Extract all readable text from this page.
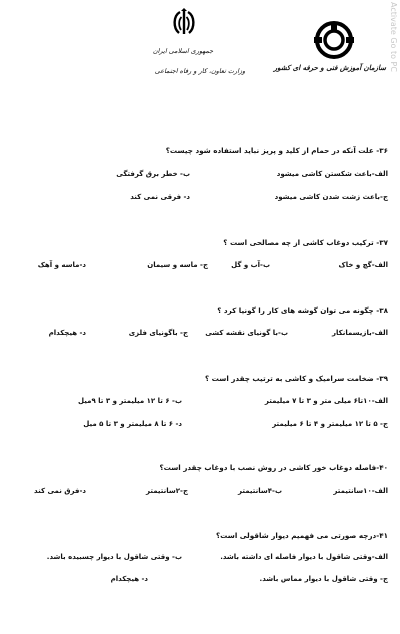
جمهوری اسلامی ایران
وزارت تعاون، کار و رفاه اجتماعی	سازمان آموزش فنی و حرفه ای کشور
Activate Go to PC
۳۶- علت آنکه در حمام از کلید و پریز نباید استفاده شود چیست؟
الف-باعث شکستن کاشی میشود
ب- خطر برق گرفتگی
ج-باعث زشت شدن کاشی میشود
د- فرقی نمی کند
۳۷- ترکیب دوغاب کاشی از چه مصالحی است ؟
الف-گچ و خاک
ب-آب و گل
ج- ماسه و سیمان
د-ماسه و آهک
۳۸- چگونه می توان گوشه های کار را گونیا کرد ؟
الف-بازیسمانکار
ب-با گونیای نقشه کشی
ج- باگونیای فلزی
د- هیچکدام
۳۹- ضخامت سرامیک و کاشی به ترتیب چقدر است ؟
الف-۱۰تا۶ میلی متر و ۳ تا ۷ میلیمتر
ب- ۶ تا ۱۲ میلیمتر و ۳ تا ۹میل
ج- ۵ تا ۱۲ میلیمتر و ۴ تا ۶ میلیمتر
د- ۶ تا ۸ میلیمتر و ۳ تا ۵ میل
۴۰-فاصله دوغاب خور کاشی در روش نصب با دوغاب چقدر است؟
الف-۱۰سانتیمتر
ب-۴سانتیمتر
ج-۲سانتیمتر
د-فرق نمی کند
۴۱-درچه صورتی می فهمیم دیوار شاقولی است؟
الف-وقتی شاقول با دیوار فاصله ای داشته باشد.
ب- وقتی شاقول با دیوار چسبیده باشد.
ج- وقتی شاقول با دیوار مماس باشد.
د- هیچکدام
